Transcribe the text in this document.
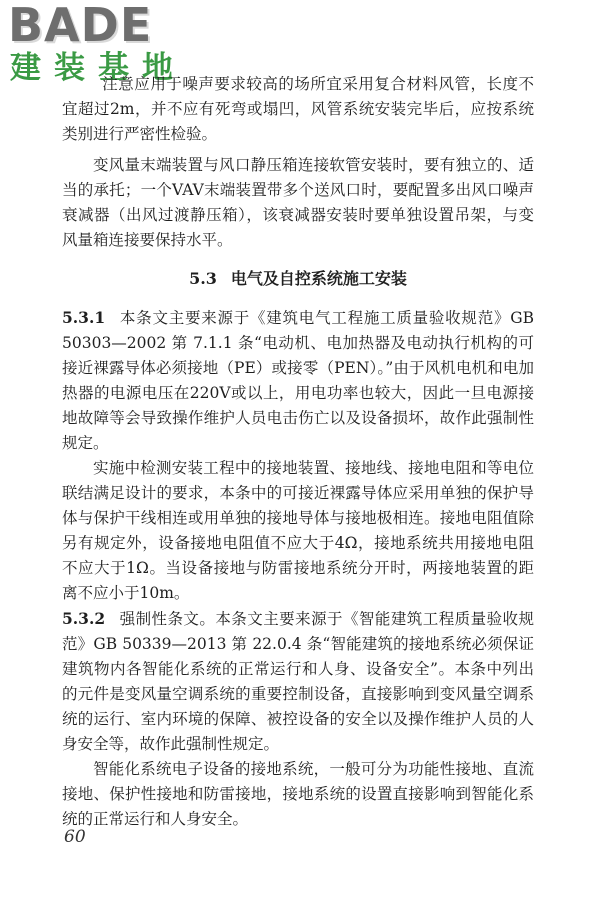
BADE
建装基地

注意应用于噪声要求较高的场所宜采用复合材料风管，长度不宜超过2m，并不应有死弯或塌凹，风管系统安装完毕后，应按系统类别进行严密性检验。

变风量末端装置与风口静压箱连接软管安装时，要有独立的、适当的承托；一个VAV末端装置带多个送风口时，要配置多出风口噪声衰减器（出风过渡静压箱），该衰减器安装时要单独设置吊架，与变风量箱连接要保持水平。

5.3 电气及自控系统施工安装

5.3.1 本条文主要来源于《建筑电气工程施工质量验收规范》GB 50303—2002 第 7.1.1 条“电动机、电加热器及电动执行机构的可接近裸露导体必须接地（PE）或接零（PEN）。”由于风机电机和电加热器的电源电压在220V或以上，用电功率也较大，因此一旦电源接地故障等会导致操作维护人员电击伤亡以及设备损坏，故作此强制性规定。

实施中检测安装工程中的接地装置、接地线、接地电阻和等电位联结满足设计的要求，本条中的可接近裸露导体应采用单独的保护导体与保护干线相连或用单独的接地导体与接地极相连。接地电阻值除另有规定外，设备接地电阻值不应大于4Ω，接地系统共用接地电阻不应大于1Ω。当设备接地与防雷接地系统分开时，两接地装置的距离不应小于10m。

5.3.2 强制性条文。本条文主要来源于《智能建筑工程质量验收规范》GB 50339—2013 第 22.0.4 条“智能建筑的接地系统必须保证建筑物内各智能化系统的正常运行和人身、设备安全”。本条中列出的元件是变风量空调系统的重要控制设备，直接影响到变风量空调系统的运行、室内环境的保障、被控设备的安全以及操作维护人员的人身安全等，故作此强制性规定。

智能化系统电子设备的接地系统，一般可分为功能性接地、直流接地、保护性接地和防雷接地，接地系统的设置直接影响到智能化系统的正常运行和人身安全。

60
